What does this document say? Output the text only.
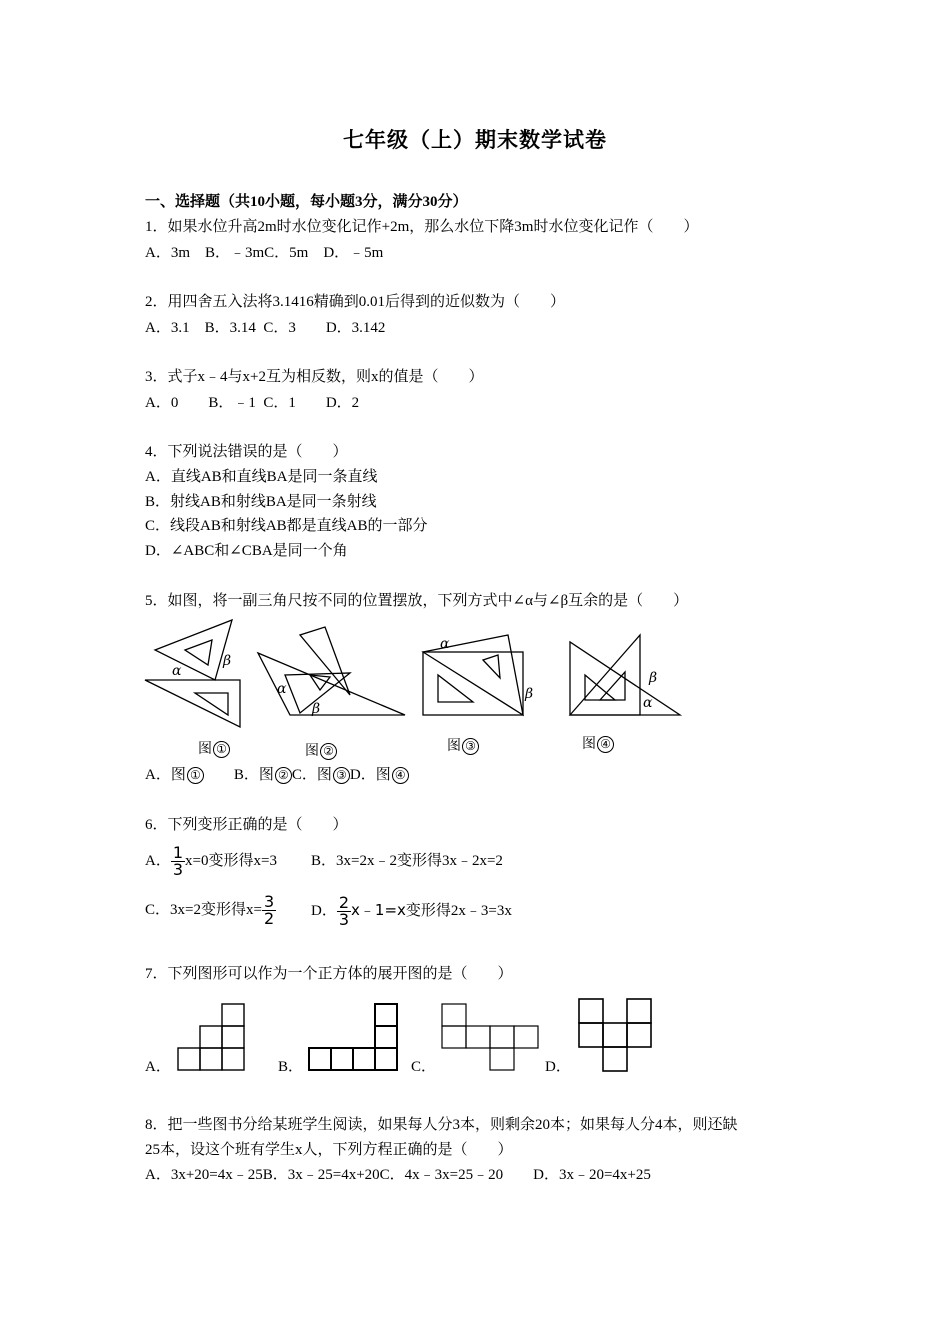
七年级（上）期末数学试卷
一、选择题（共10小题，每小题3分，满分30分）
1．如果水位升高2m时水位变化记作+2m，那么水位下降3m时水位变化记作（　　）
A．3m　B．﹣3mC．5m　D．﹣5m
2．用四舍五入法将3.1416精确到0.01后得到的近似数为（　　）
A．3.1　B．3.14  C．3　　D．3.142
3．式子x﹣4与x+2互为相反数，则x的值是（　　）
A．0　　B．﹣1  C．1　　D．2
4．下列说法错误的是（　　）
A．直线AB和直线BA是同一条直线
B．射线AB和射线BA是同一条射线
C．线段AB和射线AB都是直线AB的一部分
D．∠ABC和∠CBA是同一个角
5．如图，将一副三角尺按不同的位置摆放，下列方式中∠α与∠β互余的是（　　）
α
β
图 ①
α
β
图 ②
α
β
图 ③
β
α
图 ④
A．图 ①　　B．图 ② C．图 ③ D．图 ④
6．下列变形正确的是（　　）
A． $\frac{1}{3} x=0$变形得x=3 B．3x=2x﹣2变形得3x﹣2x=2
C．3x=2变形得$x= \frac{3}{2}$ D． $\frac{2}{3}$ x﹣1=x变形得2x﹣3=3x
7．下列图形可以作为一个正方体的展开图的是（　　）
A．	B．	C．	D．
8．把一些图书分给某班学生阅读，如果每人分3本，则剩余20本；如果每人分4本，则还缺
25本，设这个班有学生x人，下列方程正确的是（　　）
A．3x+20=4x﹣25B．3x﹣25=4x+20C．4x﹣3x=25﹣20　　D．3x﹣20=4x+25
